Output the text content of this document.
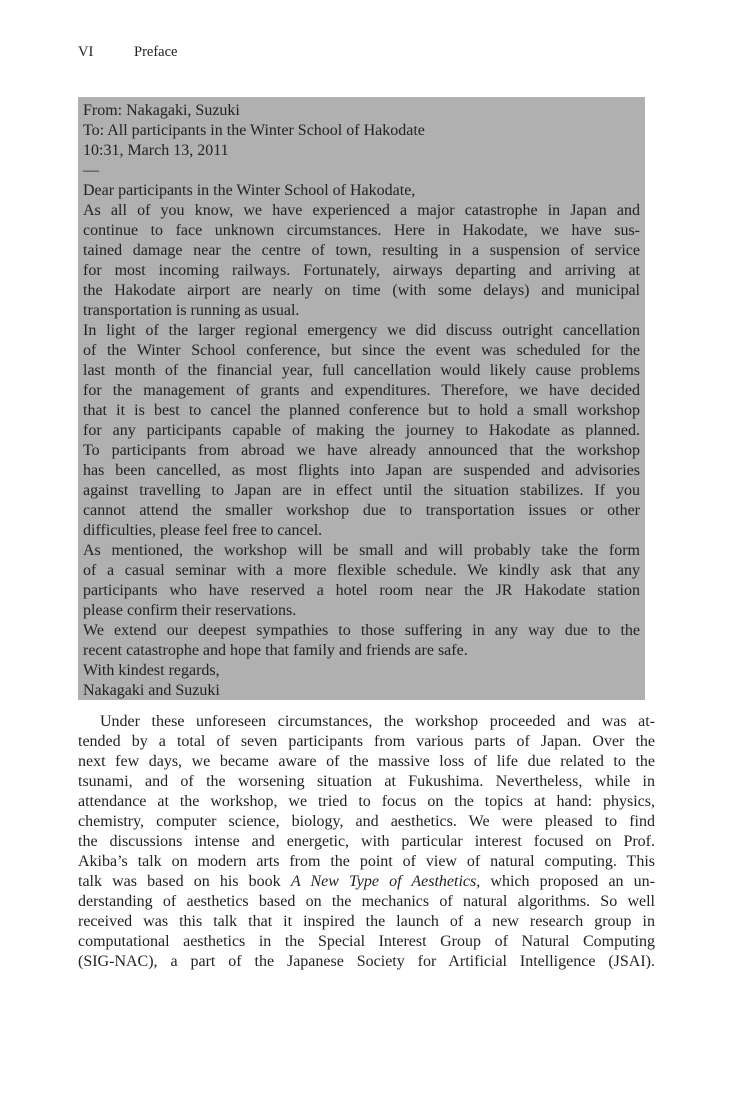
VI	Preface
From: Nakagaki, Suzuki
To: All participants in the Winter School of Hakodate
10:31, March 13, 2011
—
Dear participants in the Winter School of Hakodate,
As all of you know, we have experienced a major catastrophe in Japan and
continue to face unknown circumstances. Here in Hakodate, we have sus-
tained damage near the centre of town, resulting in a suspension of service
for most incoming railways. Fortunately, airways departing and arriving at
the Hakodate airport are nearly on time (with some delays) and municipal
transportation is running as usual.
In light of the larger regional emergency we did discuss outright cancellation
of the Winter School conference, but since the event was scheduled for the
last month of the financial year, full cancellation would likely cause problems
for the management of grants and expenditures. Therefore, we have decided
that it is best to cancel the planned conference but to hold a small workshop
for any participants capable of making the journey to Hakodate as planned.
To participants from abroad we have already announced that the workshop
has been cancelled, as most flights into Japan are suspended and advisories
against travelling to Japan are in effect until the situation stabilizes. If you
cannot attend the smaller workshop due to transportation issues or other
difficulties, please feel free to cancel.
As mentioned, the workshop will be small and will probably take the form
of a casual seminar with a more flexible schedule. We kindly ask that any
participants who have reserved a hotel room near the JR Hakodate station
please confirm their reservations.
We extend our deepest sympathies to those suffering in any way due to the
recent catastrophe and hope that family and friends are safe.
With kindest regards,
Nakagaki and Suzuki
Under these unforeseen circumstances, the workshop proceeded and was at-
tended by a total of seven participants from various parts of Japan. Over the
next few days, we became aware of the massive loss of life due related to the
tsunami, and of the worsening situation at Fukushima. Nevertheless, while in
attendance at the workshop, we tried to focus on the topics at hand: physics,
chemistry, computer science, biology, and aesthetics. We were pleased to find
the discussions intense and energetic, with particular interest focused on Prof.
Akiba’s talk on modern arts from the point of view of natural computing. This
talk was based on his book A New Type of Aesthetics, which proposed an un-
derstanding of aesthetics based on the mechanics of natural algorithms. So well
received was this talk that it inspired the launch of a new research group in
computational aesthetics in the Special Interest Group of Natural Computing
(SIG-NAC), a part of the Japanese Society for Artificial Intelligence (JSAI).
